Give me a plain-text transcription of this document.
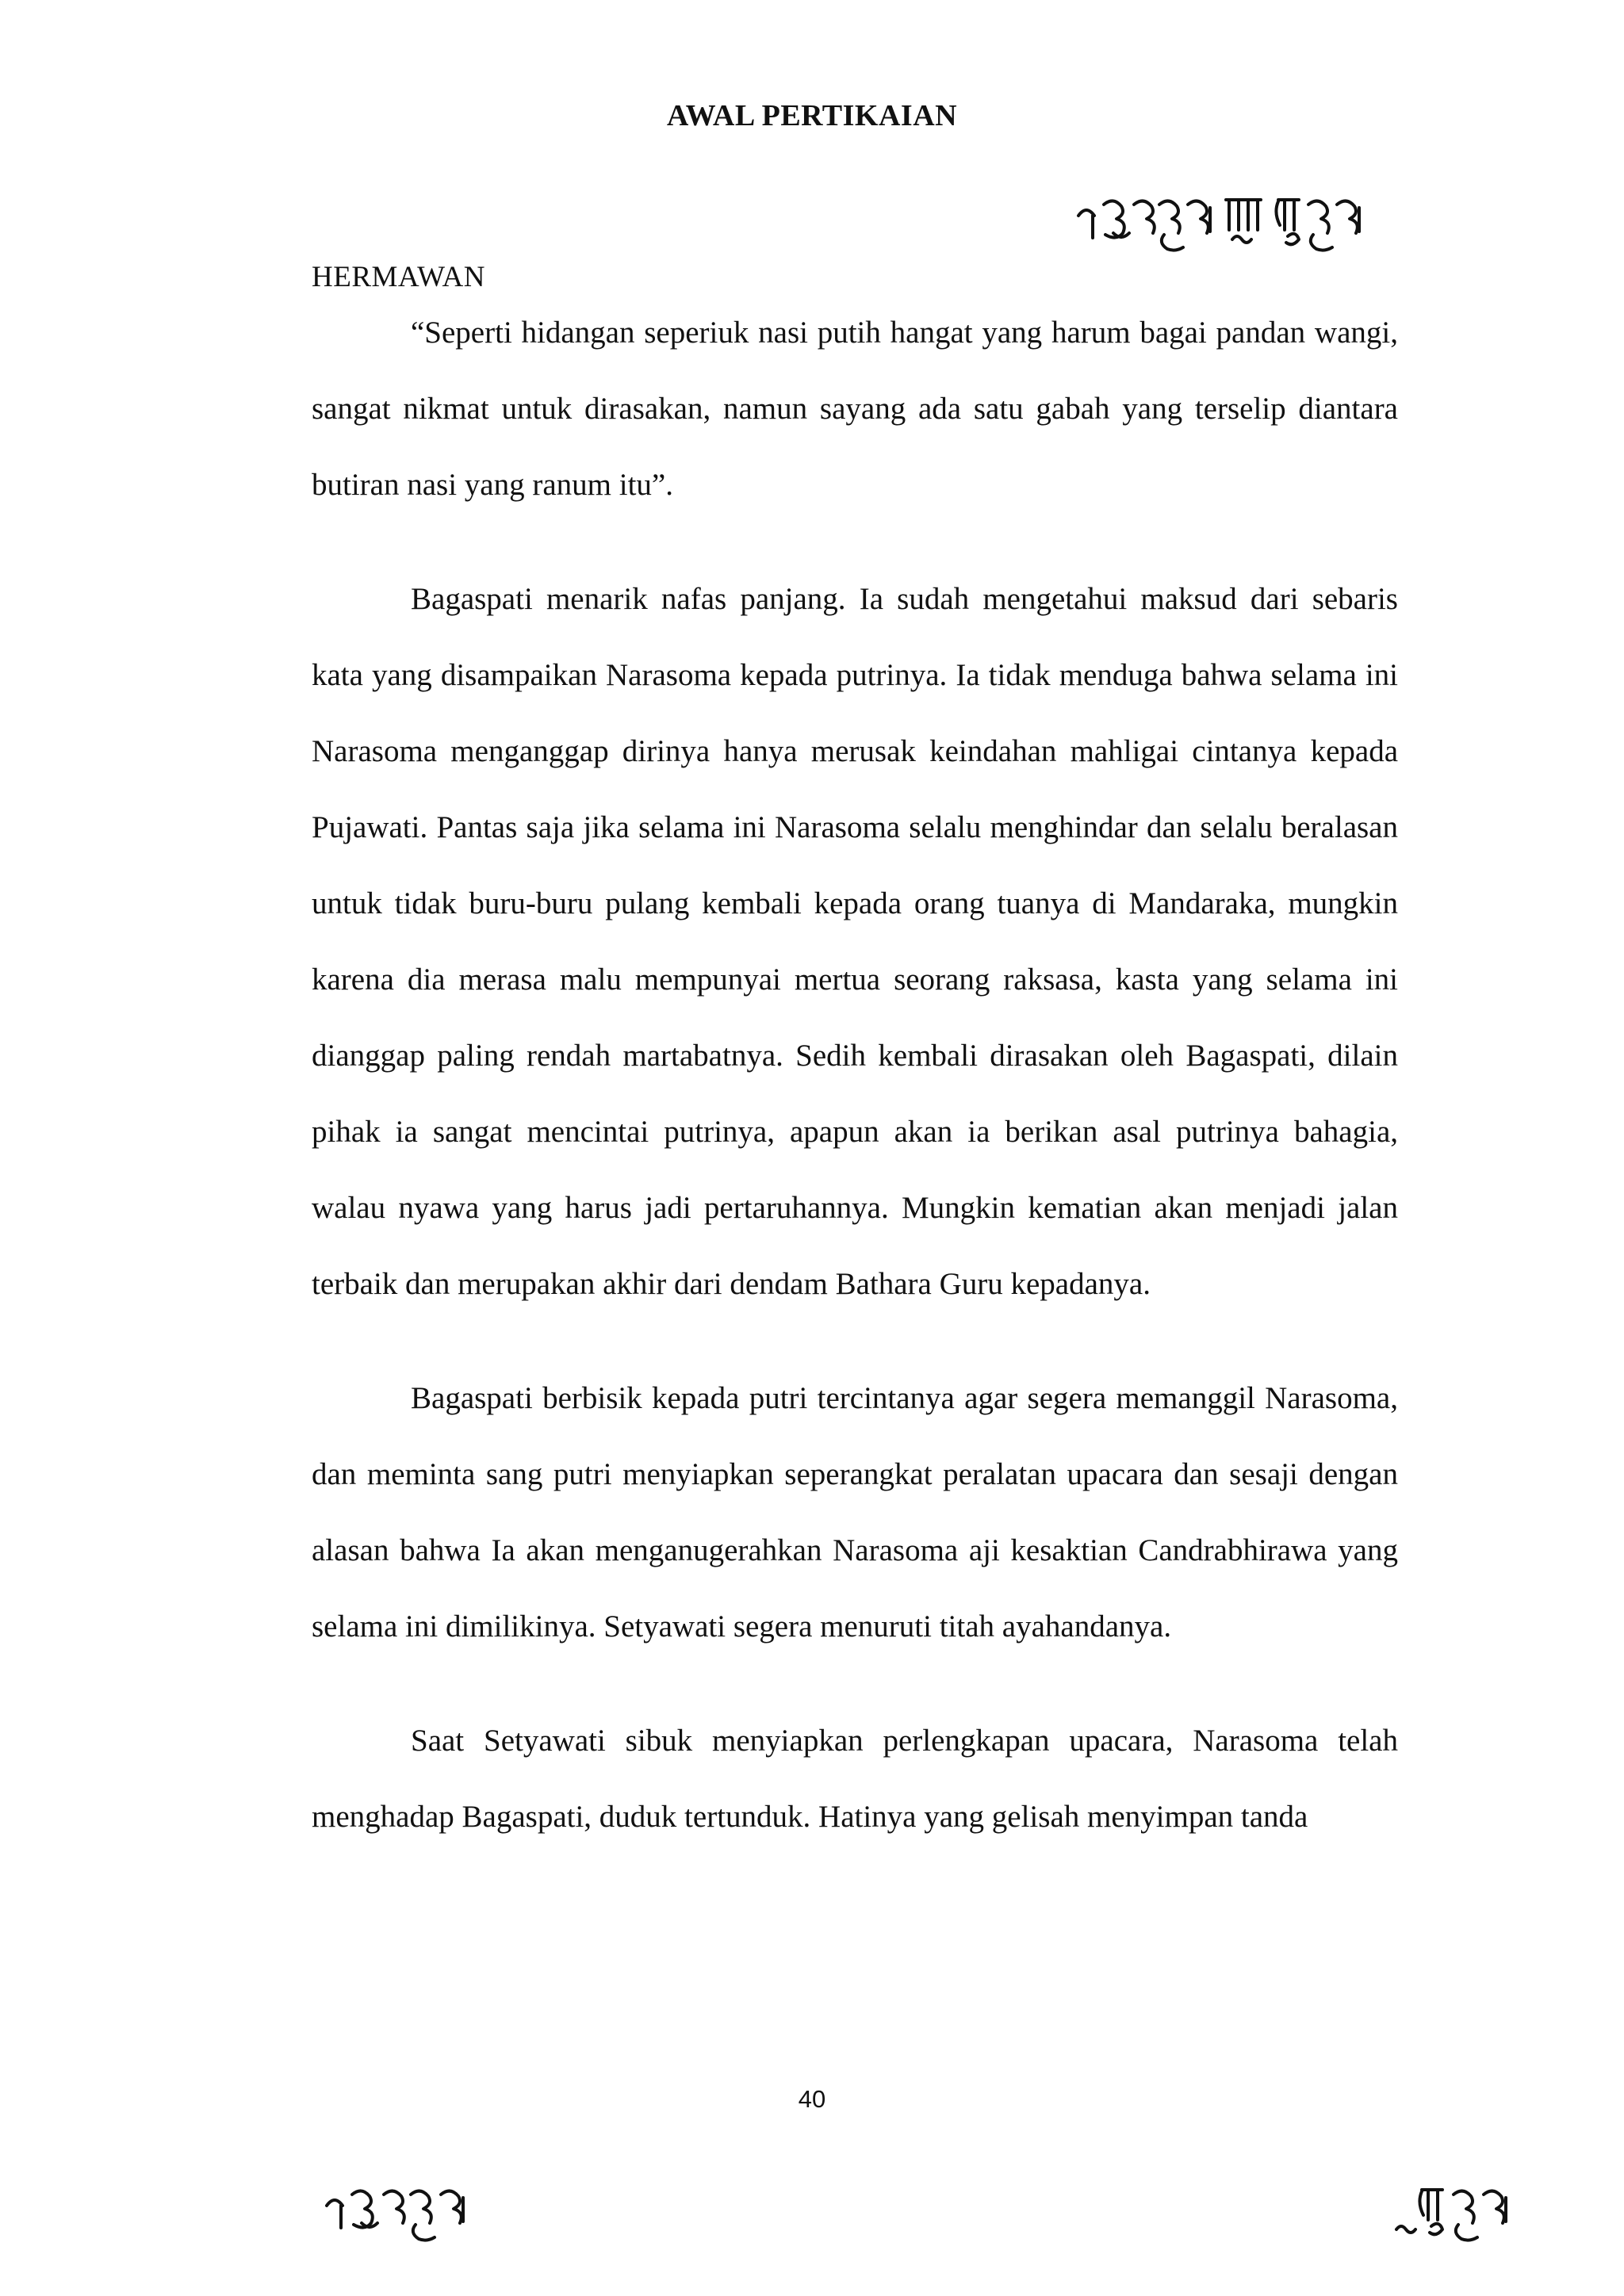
AWAL PERTIKAIAN
HERMAWAN

“Seperti hidangan seperiuk nasi putih hangat yang harum bagai pandan wangi, sangat nikmat untuk dirasakan, namun sayang ada satu gabah yang terselip diantara butiran nasi yang ranum itu”.

Bagaspati menarik nafas panjang. Ia sudah mengetahui maksud dari sebaris kata yang disampaikan Narasoma kepada putrinya. Ia tidak menduga bahwa selama ini Narasoma menganggap dirinya hanya merusak keindahan mahligai cintanya kepada Pujawati. Pantas saja jika selama ini Narasoma selalu menghindar dan selalu beralasan untuk tidak buru-buru pulang kembali kepada orang tuanya di Mandaraka, mungkin karena dia merasa malu mempunyai mertua seorang raksasa, kasta yang selama ini dianggap paling rendah martabatnya. Sedih kembali dirasakan oleh Bagaspati, dilain pihak ia sangat mencintai putrinya, apapun akan ia berikan asal putrinya bahagia, walau nyawa yang harus jadi pertaruhannya. Mungkin kematian akan menjadi jalan terbaik dan merupakan akhir dari dendam Bathara Guru kepadanya.

Bagaspati berbisik kepada putri tercintanya agar segera memanggil Narasoma, dan meminta sang putri menyiapkan seperangkat peralatan upacara dan sesaji dengan alasan bahwa Ia akan menganugerahkan Narasoma aji kesaktian Candrabhirawa yang selama ini dimilikinya. Setyawati segera menuruti titah ayahandanya.

Saat Setyawati sibuk menyiapkan perlengkapan upacara, Narasoma telah menghadap Bagaspati, duduk tertunduk. Hatinya yang gelisah menyimpan tanda

40
